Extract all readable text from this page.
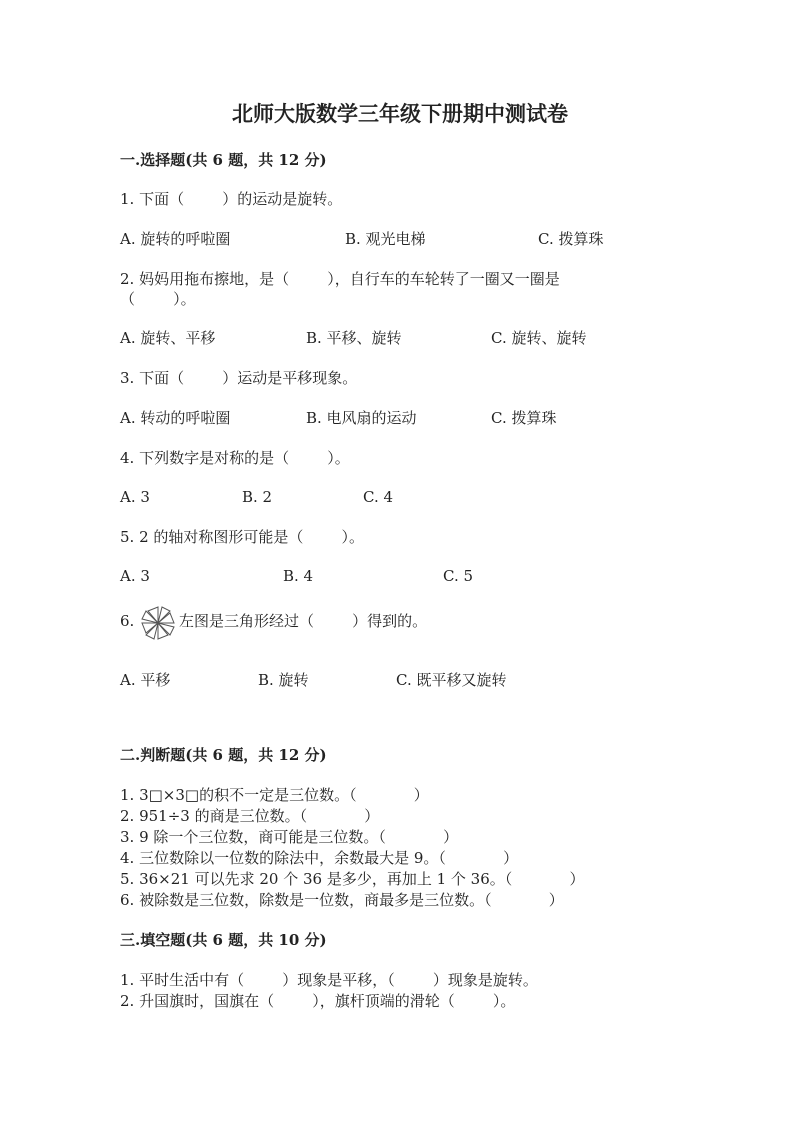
北师大版数学三年级下册期中测试卷
一.选择题(共 6 题，共 12 分)
1. 下面（        ）的运动是旋转。
A. 旋转的呼啦圈	B. 观光电梯	C. 拨算珠
2. 妈妈用拖布擦地，是（        ），自行车的车轮转了一圈又一圈是
（        ）。
A. 旋转、平移	B. 平移、旋转	C. 旋转、旋转
3. 下面（        ）运动是平移现象。
A. 转动的呼啦圈	B. 电风扇的运动	C. 拨算珠
4. 下列数字是对称的是（        ）。
A. 3	B. 2	C. 4
5. 2 的轴对称图形可能是（        ）。
A. 3	B. 4	C. 5
6.	左图是三角形经过（        ）得到的。
A. 平移	B. 旋转	C. 既平移又旋转
二.判断题(共 6 题，共 12 分)
1. 3□×3□的积不一定是三位数。（            ）
2. 951÷3 的商是三位数。（            ）
3. 9 除一个三位数，商可能是三位数。（            ）
4. 三位数除以一位数的除法中，余数最大是 9。（            ）
5. 36×21 可以先求 20 个 36 是多少，再加上 1 个 36。（            ）
6. 被除数是三位数，除数是一位数，商最多是三位数。（            ）
三.填空题(共 6 题，共 10 分)
1. 平时生活中有（        ）现象是平移，（        ）现象是旋转。
2. 升国旗时，国旗在（        ），旗杆顶端的滑轮（        ）。
